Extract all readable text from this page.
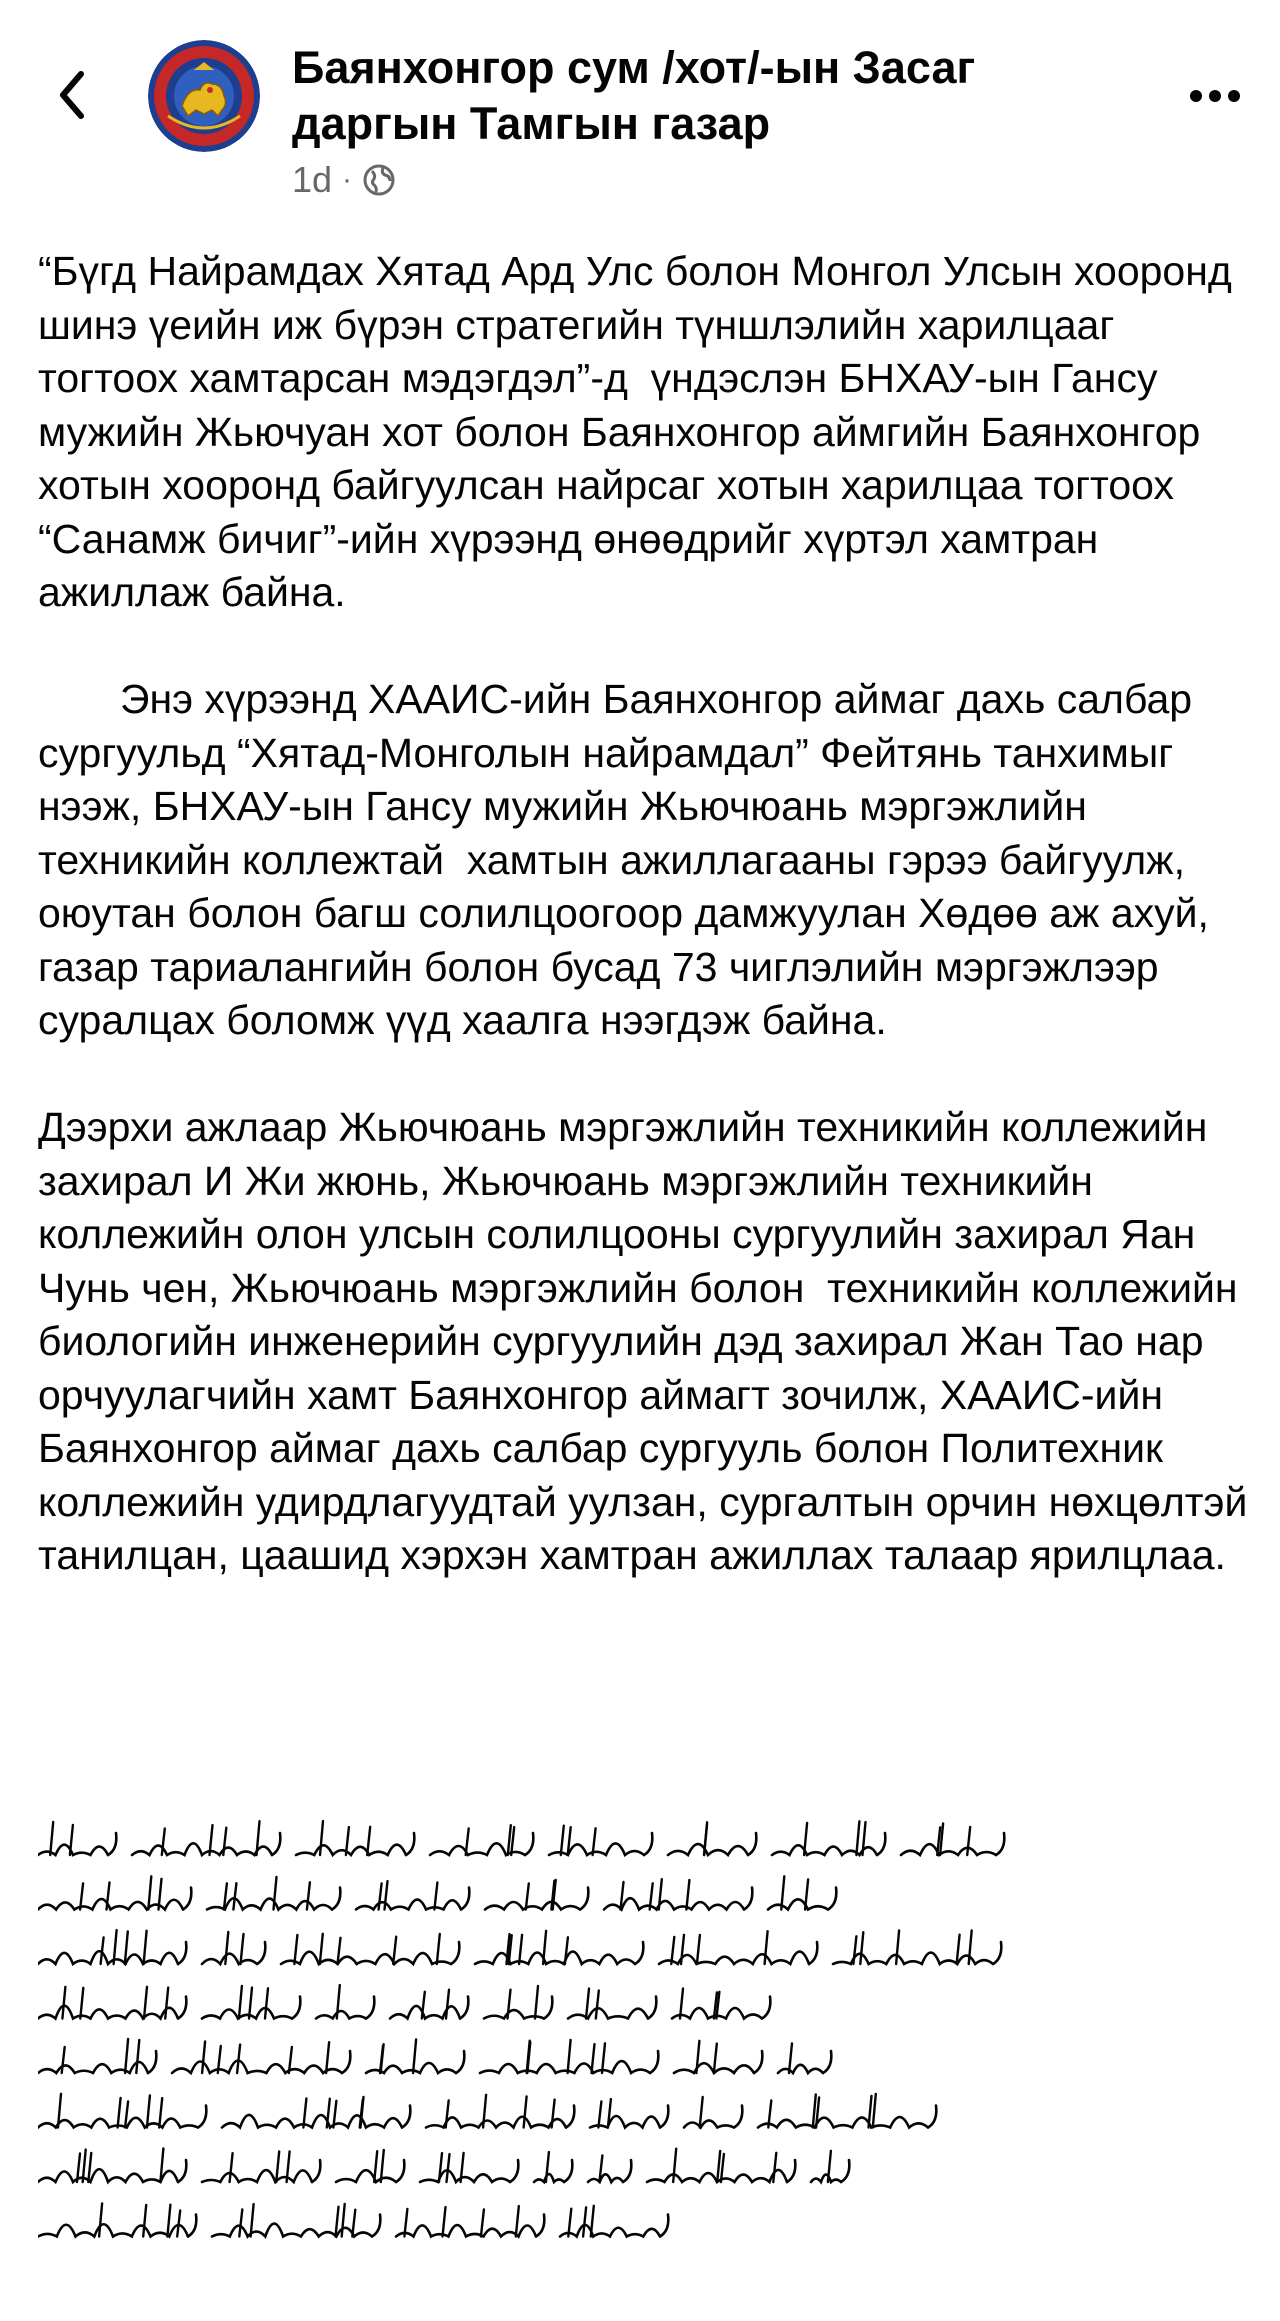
Баянхонгор сум /хот/-ын Засаг даргын Тамгын газар
1d ·

“Бүгд Найрамдах Хятад Ард Улс болон Монгол Улсын хооронд шинэ үеийн иж бүрэн стратегийн түншлэлийн харилцааг тогтоох хамтарсан мэдэгдэл”-д  үндэслэн БНХАУ-ын Гансу мужийн Жьючуан хот болон Баянхонгор аймгийн Баянхонгор хотын хооронд байгуулсан найрсаг хотын харилцаа тогтоох “Санамж бичиг”-ийн хүрээнд өнөөдрийг хүртэл хамтран ажиллаж байна.

Энэ хүрээнд ХААИС-ийн Баянхонгор аймаг дахь салбар сургуульд “Хятад-Монголын найрамдал” Фейтянь танхимыг  нээж, БНХАУ-ын Гансу мужийн Жьючюань мэргэжлийн техникийн коллежтай  хамтын ажиллагааны гэрээ байгуулж, оюутан болон багш солилцоогоор дамжуулан Хөдөө аж ахуй, газар тариалангийн болон бусад 73 чиглэлийн мэргэжлээр суралцах боломж үүд хаалга нээгдэж байна.

Дээрхи ажлаар Жьючюань мэргэжлийн техникийн коллежийн захирал И Жи жюнь, Жьючюань мэргэжлийн техникийн коллежийн олон улсын солилцооны сургуулийн захирал Яан Чунь чен, Жьючюань мэргэжлийн болон  техникийн коллежийн биологийн инженерийн сургуулийн дэд захирал Жан Тао нар орчуулагчийн хамт Баянхонгор аймагт зочилж, ХААИС-ийн Баянхонгор аймаг дахь салбар сургууль болон Политехник коллежийн удирдлагуудтай уулзан, сургалтын орчин нөхцөлтэй танилцан, цаашид хэрхэн хамтран ажиллах талаар ярилцлаа.
